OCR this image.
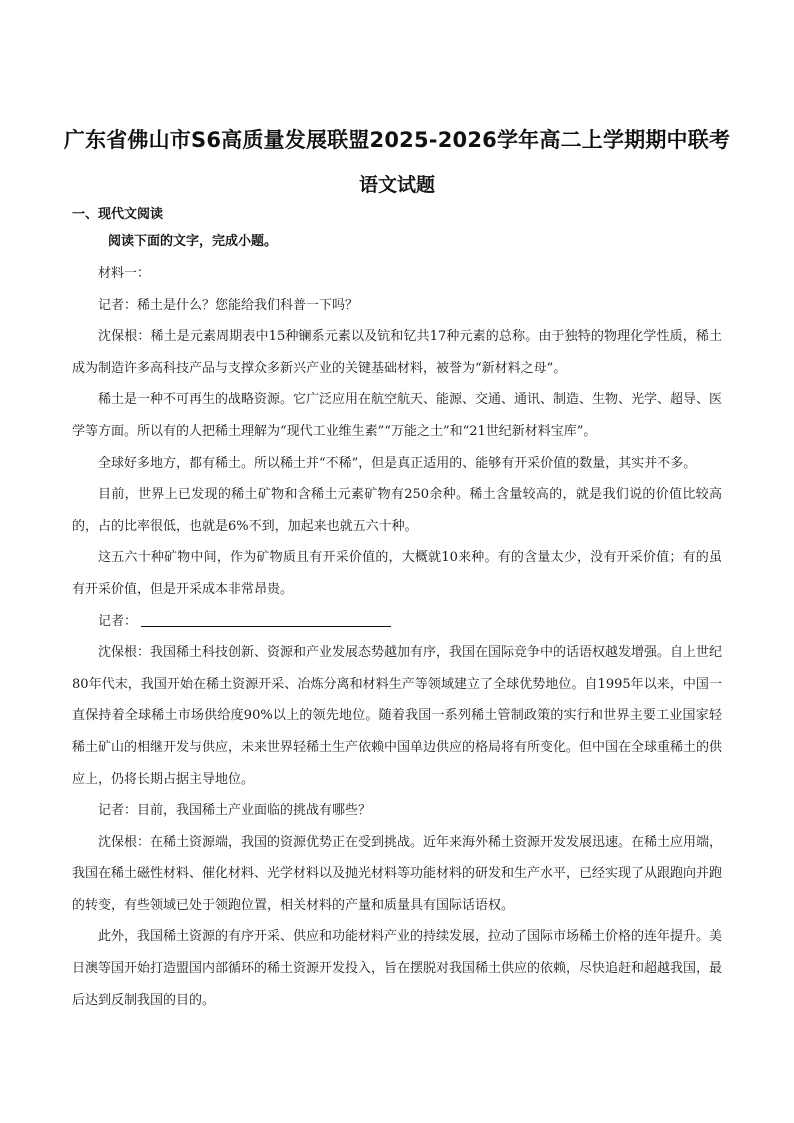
广东省佛山市S6高质量发展联盟2025-2026学年高二上学期期中联考
语文试题
一、现代文阅读
阅读下面的文字，完成小题。

材料一：

记者：稀土是什么？您能给我们科普一下吗？

沈保根：稀土是元素周期表中15种镧系元素以及钪和钇共17种元素的总称。由于独特的物理化学性质，稀土成为制造许多高科技产品与支撑众多新兴产业的关键基础材料，被誉为“新材料之母”。

稀土是一种不可再生的战略资源。它广泛应用在航空航天、能源、交通、通讯、制造、生物、光学、超导、医学等方面。所以有的人把稀土理解为“现代工业维生素”“万能之土”和“21世纪新材料宝库”。

全球好多地方，都有稀土。所以稀土并“不稀”，但是真正适用的、能够有开采价值的数量，其实并不多。

目前，世界上已发现的稀土矿物和含稀土元素矿物有250余种。稀土含量较高的，就是我们说的价值比较高的，占的比率很低，也就是6%不到，加起来也就五六十种。

这五六十种矿物中间，作为矿物质且有开采价值的，大概就10来种。有的含量太少，没有开采价值；有的虽有开采价值，但是开采成本非常昂贵。

记者：

沈保根：我国稀土科技创新、资源和产业发展态势越加有序，我国在国际竞争中的话语权越发增强。自上世纪80年代末，我国开始在稀土资源开采、冶炼分离和材料生产等领域建立了全球优势地位。自1995年以来，中国一直保持着全球稀土市场供给度90%以上的领先地位。随着我国一系列稀土管制政策的实行和世界主要工业国家轻稀土矿山的相继开发与供应，未来世界轻稀土生产依赖中国单边供应的格局将有所变化。但中国在全球重稀土的供应上，仍将长期占据主导地位。

记者：目前，我国稀土产业面临的挑战有哪些？

沈保根：在稀土资源端，我国的资源优势正在受到挑战。近年来海外稀土资源开发发展迅速。在稀土应用端，我国在稀土磁性材料、催化材料、光学材料以及抛光材料等功能材料的研发和生产水平，已经实现了从跟跑向并跑的转变，有些领域已处于领跑位置，相关材料的产量和质量具有国际话语权。

此外，我国稀土资源的有序开采、供应和功能材料产业的持续发展，拉动了国际市场稀土价格的连年提升。美日澳等国开始打造盟国内部循环的稀土资源开发投入，旨在摆脱对我国稀土供应的依赖，尽快追赶和超越我国，最后达到反制我国的目的。
